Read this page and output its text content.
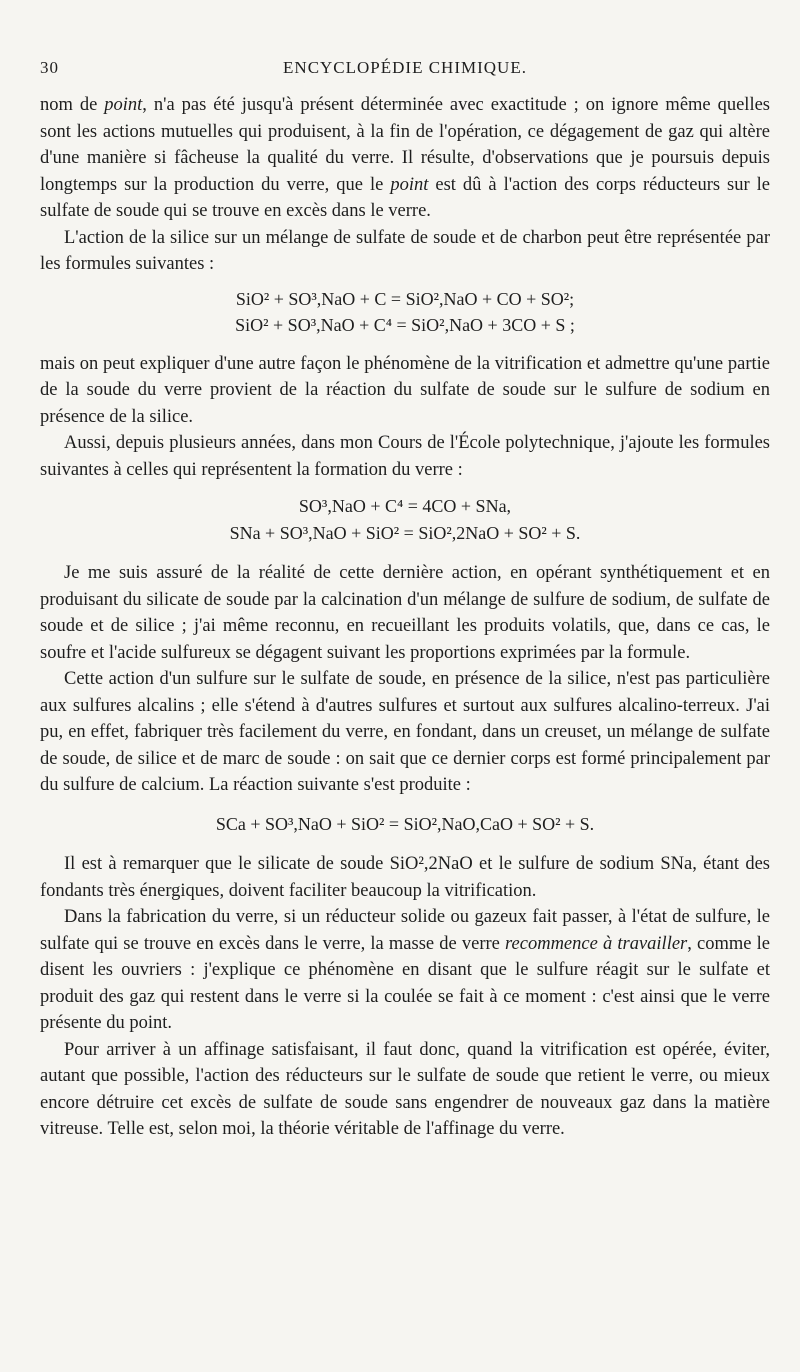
30	ENCYCLOPÉDIE CHIMIQUE.

nom de point, n'a pas été jusqu'à présent déterminée avec exactitude ; on ignore même quelles sont les actions mutuelles qui produisent, à la fin de l'opération, ce dégagement de gaz qui altère d'une manière si fâcheuse la qualité du verre. Il résulte, d'observations que je poursuis depuis longtemps sur la production du verre, que le point est dû à l'action des corps réducteurs sur le sulfate de soude qui se trouve en excès dans le verre.

L'action de la silice sur un mélange de sulfate de soude et de charbon peut être représentée par les formules suivantes :

SiO² + SO³,NaO + C = SiO²,NaO + CO + SO²;
SiO² + SO³,NaO + C⁴ = SiO²,NaO + 3CO + S ;

mais on peut expliquer d'une autre façon le phénomène de la vitrification et admettre qu'une partie de la soude du verre provient de la réaction du sulfate de soude sur le sulfure de sodium en présence de la silice.

Aussi, depuis plusieurs années, dans mon Cours de l'École polytechnique, j'ajoute les formules suivantes à celles qui représentent la formation du verre :

SO³,NaO + C⁴ = 4CO + SNa,
SNa + SO³,NaO + SiO² = SiO²,2NaO + SO² + S.

Je me suis assuré de la réalité de cette dernière action, en opérant synthétiquement et en produisant du silicate de soude par la calcination d'un mélange de sulfure de sodium, de sulfate de soude et de silice ; j'ai même reconnu, en recueillant les produits volatils, que, dans ce cas, le soufre et l'acide sulfureux se dégagent suivant les proportions exprimées par la formule.

Cette action d'un sulfure sur le sulfate de soude, en présence de la silice, n'est pas particulière aux sulfures alcalins ; elle s'étend à d'autres sulfures et surtout aux sulfures alcalino-terreux. J'ai pu, en effet, fabriquer très facilement du verre, en fondant, dans un creuset, un mélange de sulfate de soude, de silice et de marc de soude : on sait que ce dernier corps est formé principalement par du sulfure de calcium. La réaction suivante s'est produite :

SCa + SO³,NaO + SiO² = SiO²,NaO,CaO + SO² + S.

Il est à remarquer que le silicate de soude SiO²,2NaO et le sulfure de sodium SNa, étant des fondants très énergiques, doivent faciliter beaucoup la vitrification.

Dans la fabrication du verre, si un réducteur solide ou gazeux fait passer, à l'état de sulfure, le sulfate qui se trouve en excès dans le verre, la masse de verre recommence à travailler, comme le disent les ouvriers : j'explique ce phénomène en disant que le sulfure réagit sur le sulfate et produit des gaz qui restent dans le verre si la coulée se fait à ce moment : c'est ainsi que le verre présente du point.

Pour arriver à un affinage satisfaisant, il faut donc, quand la vitrification est opérée, éviter, autant que possible, l'action des réducteurs sur le sulfate de soude que retient le verre, ou mieux encore détruire cet excès de sulfate de soude sans engendrer de nouveaux gaz dans la matière vitreuse. Telle est, selon moi, la théorie véritable de l'affinage du verre.
